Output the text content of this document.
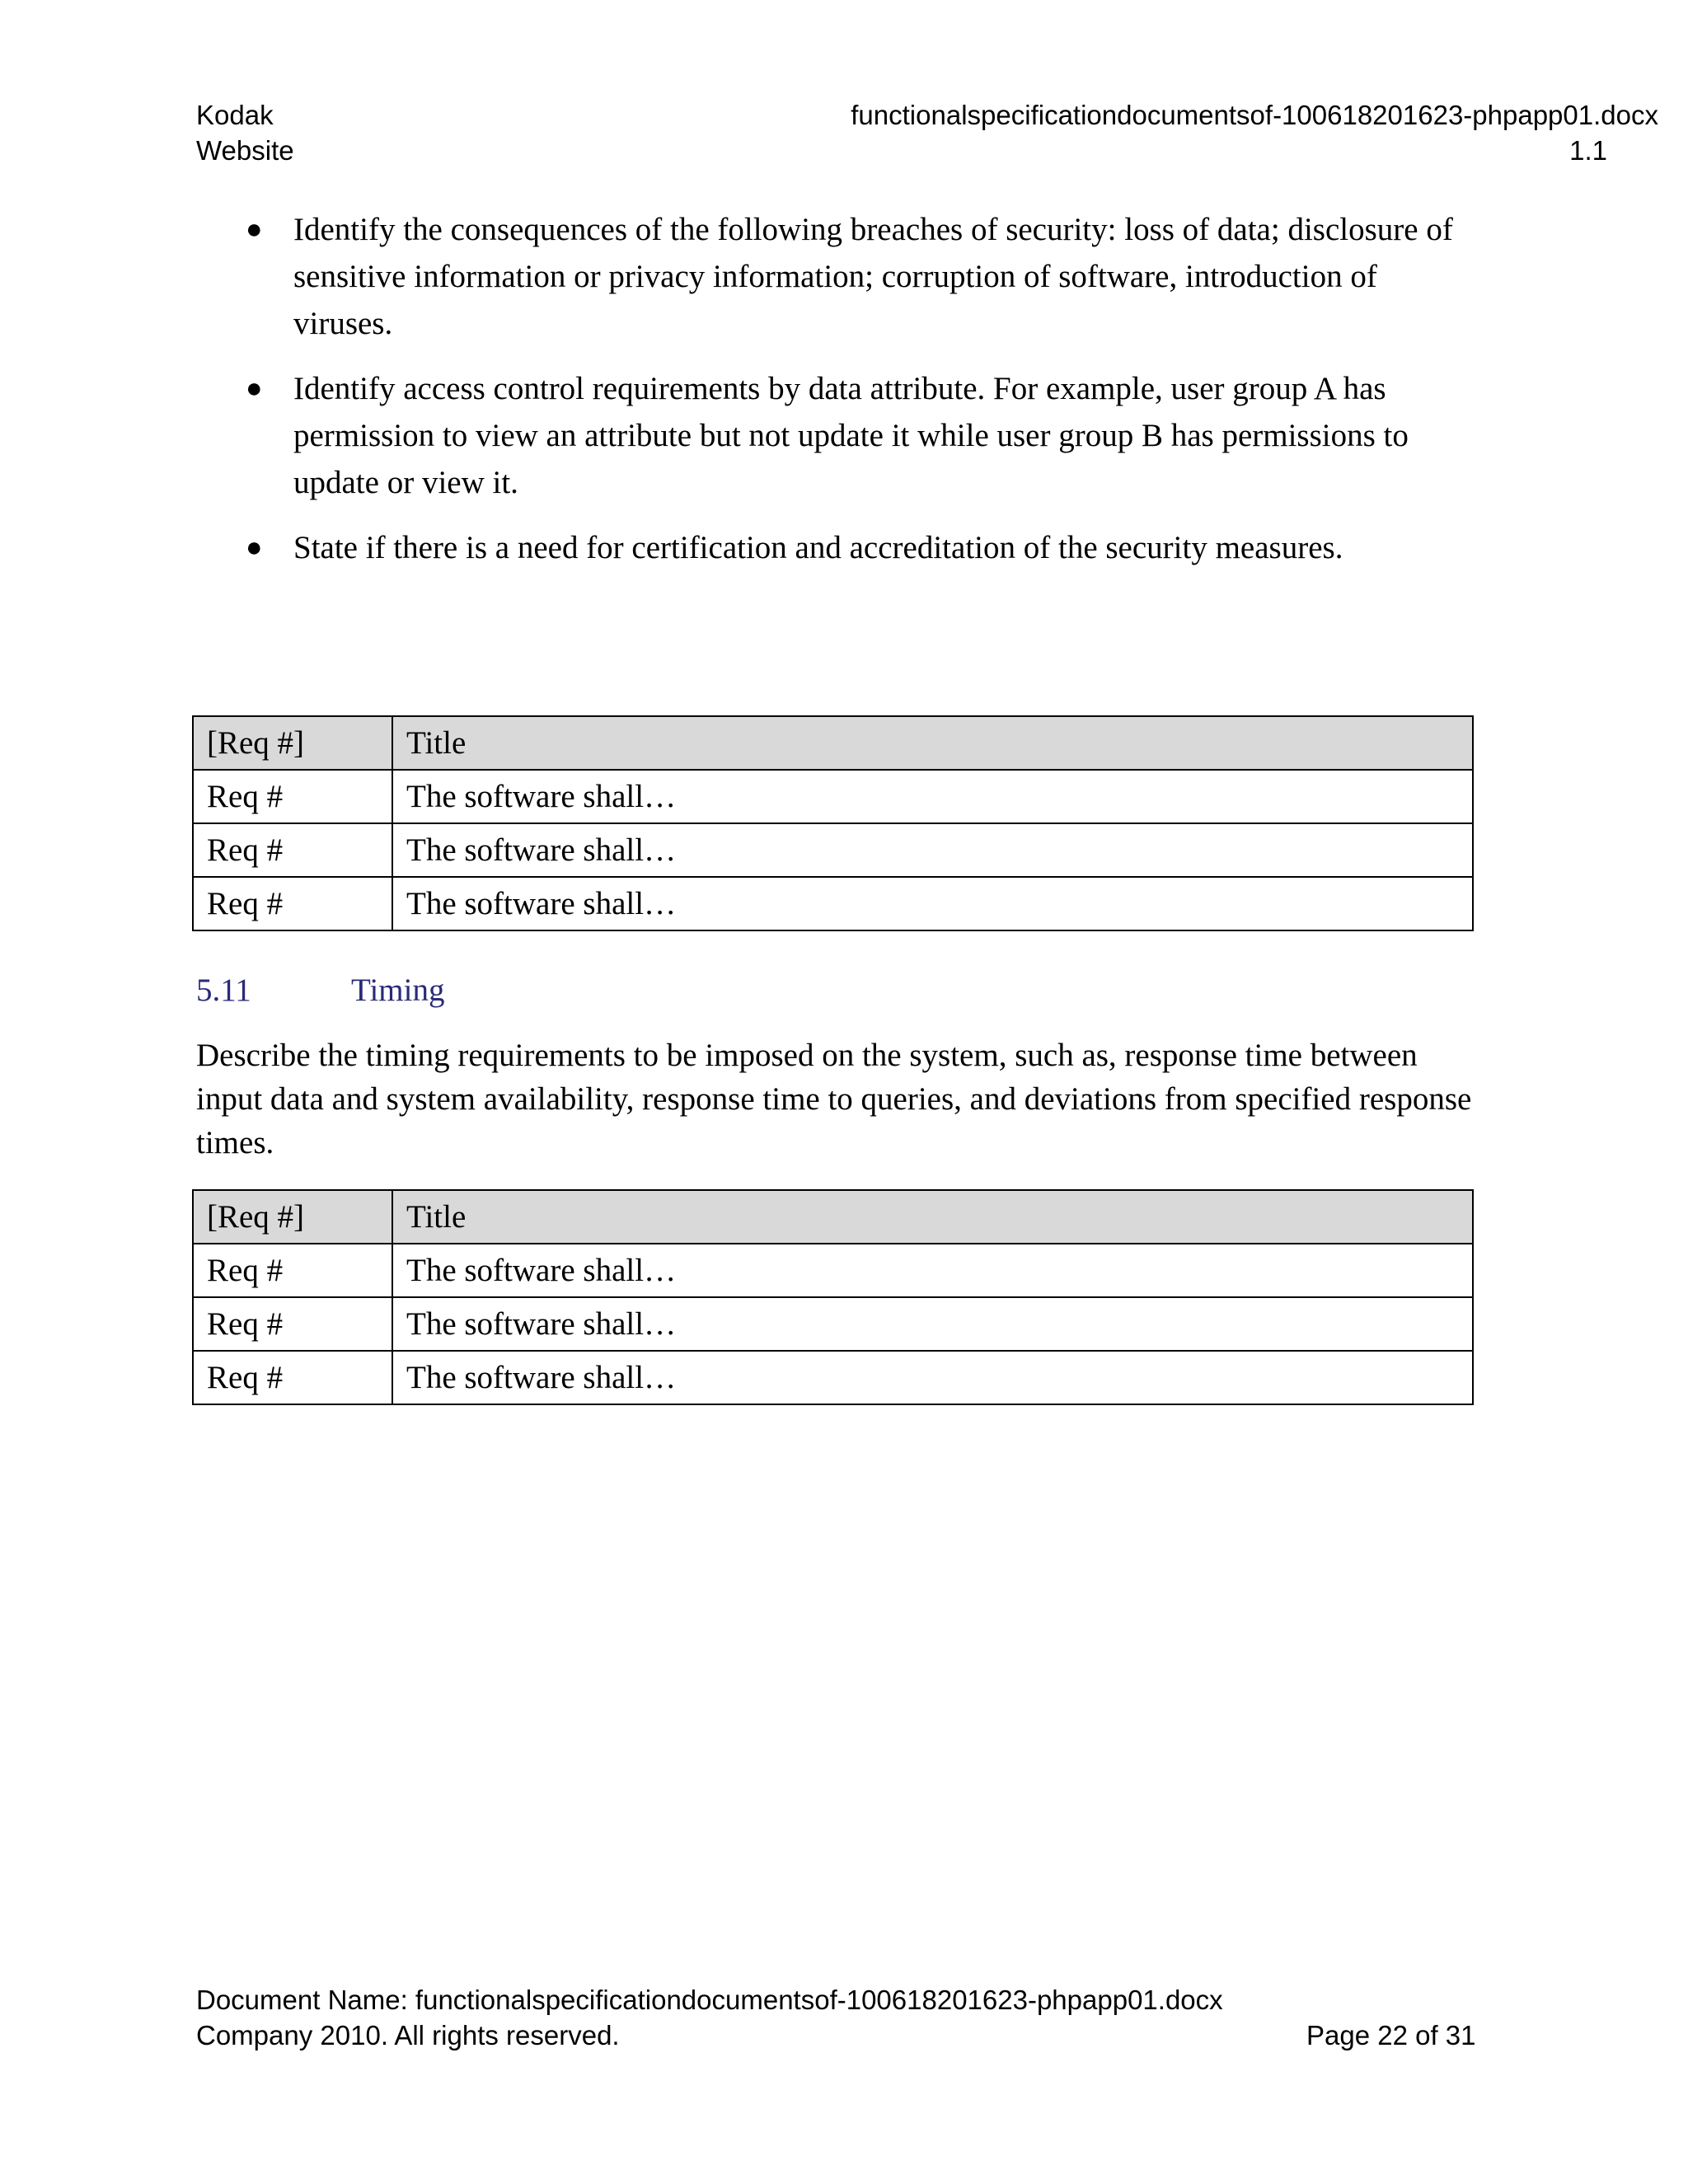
Kodak
Website
functionalspecificationdocumentsof-100618201623-phpapp01.docx
1.1
● Identify the consequences of the following breaches of security: loss of data; disclosure of sensitive information or privacy information; corruption of software, introduction of viruses.
● Identify access control requirements by data attribute. For example, user group A has permission to view an attribute but not update it while user group B has permissions to update or view it.
● State if there is a need for certification and accreditation of the security measures.
[Req #]	Title
Req #	The software shall…
Req #	The software shall…
Req #	The software shall…
5.11	Timing

Describe the timing requirements to be imposed on the system, such as, response time between input data and system availability, response time to queries, and deviations from specified response times.

[Req #]	Title
Req #	The software shall…
Req #	The software shall…
Req #	The software shall…
Document Name: functionalspecificationdocumentsof-100618201623-phpapp01.docx
Company 2010. All rights reserved.	Page 22 of 31
